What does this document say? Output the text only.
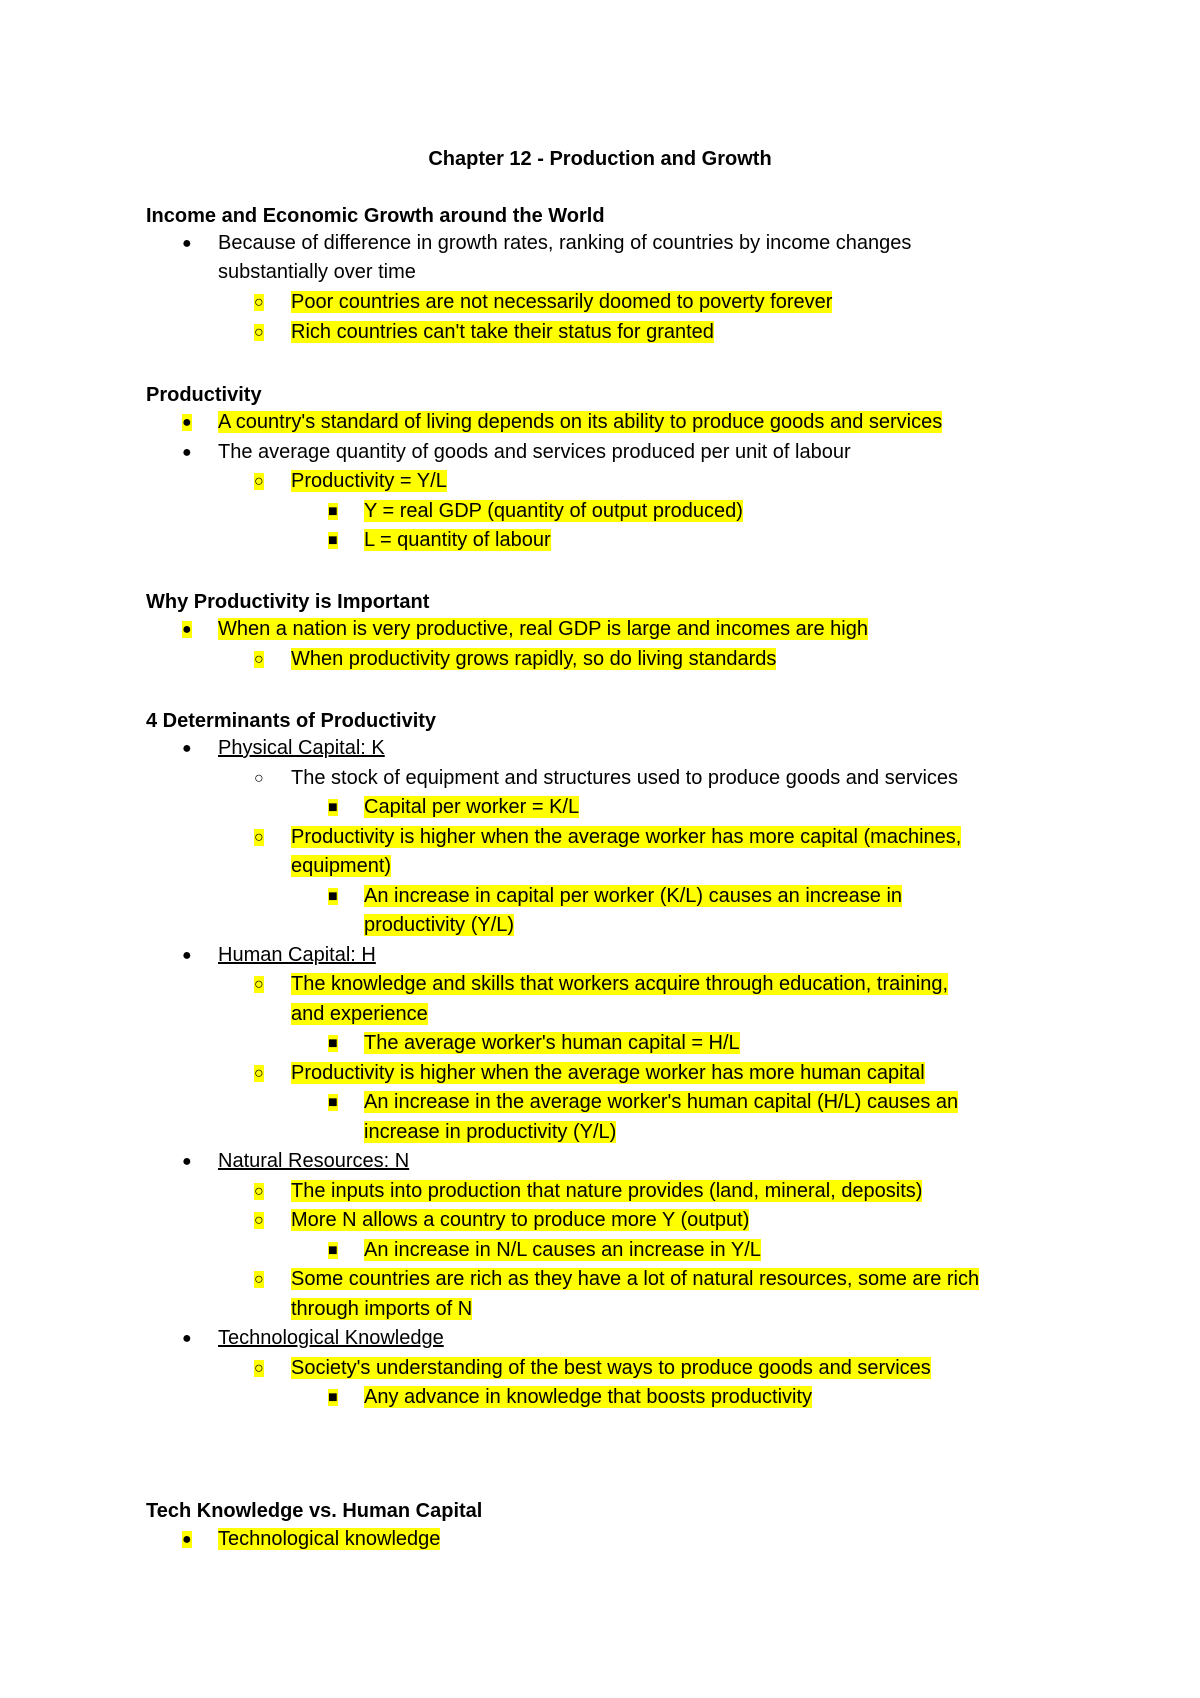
Chapter 12 - Production and Growth
Income and Economic Growth around the World
●	Because of difference in growth rates, ranking of countries by income changes
substantially over time
○	Poor countries are not necessarily doomed to poverty forever
○	Rich countries can't take their status for granted
Productivity
●	A country's standard of living depends on its ability to produce goods and services
●	The average quantity of goods and services produced per unit of labour
○	Productivity = Y/L
■	Y = real GDP (quantity of output produced)
■	L = quantity of labour
Why Productivity is Important
●	When a nation is very productive, real GDP is large and incomes are high
○	When productivity grows rapidly, so do living standards
4 Determinants of Productivity
●	Physical Capital: K
○	The stock of equipment and structures used to produce goods and services
■	Capital per worker = K/L
○	Productivity is higher when the average worker has more capital (machines,
equipment)
■	An increase in capital per worker (K/L) causes an increase in
productivity (Y/L)
●	Human Capital: H
○	The knowledge and skills that workers acquire through education, training,
and experience
■	The average worker's human capital = H/L
○	Productivity is higher when the average worker has more human capital
■	An increase in the average worker's human capital (H/L) causes an
increase in productivity (Y/L)
●	Natural Resources: N
○	The inputs into production that nature provides (land, mineral, deposits)
○	More N allows a country to produce more Y (output)
■	An increase in N/L causes an increase in Y/L
○	Some countries are rich as they have a lot of natural resources, some are rich
through imports of N
●	Technological Knowledge
○	Society's understanding of the best ways to produce goods and services
■	Any advance in knowledge that boosts productivity
Tech Knowledge vs. Human Capital
●	Technological knowledge
